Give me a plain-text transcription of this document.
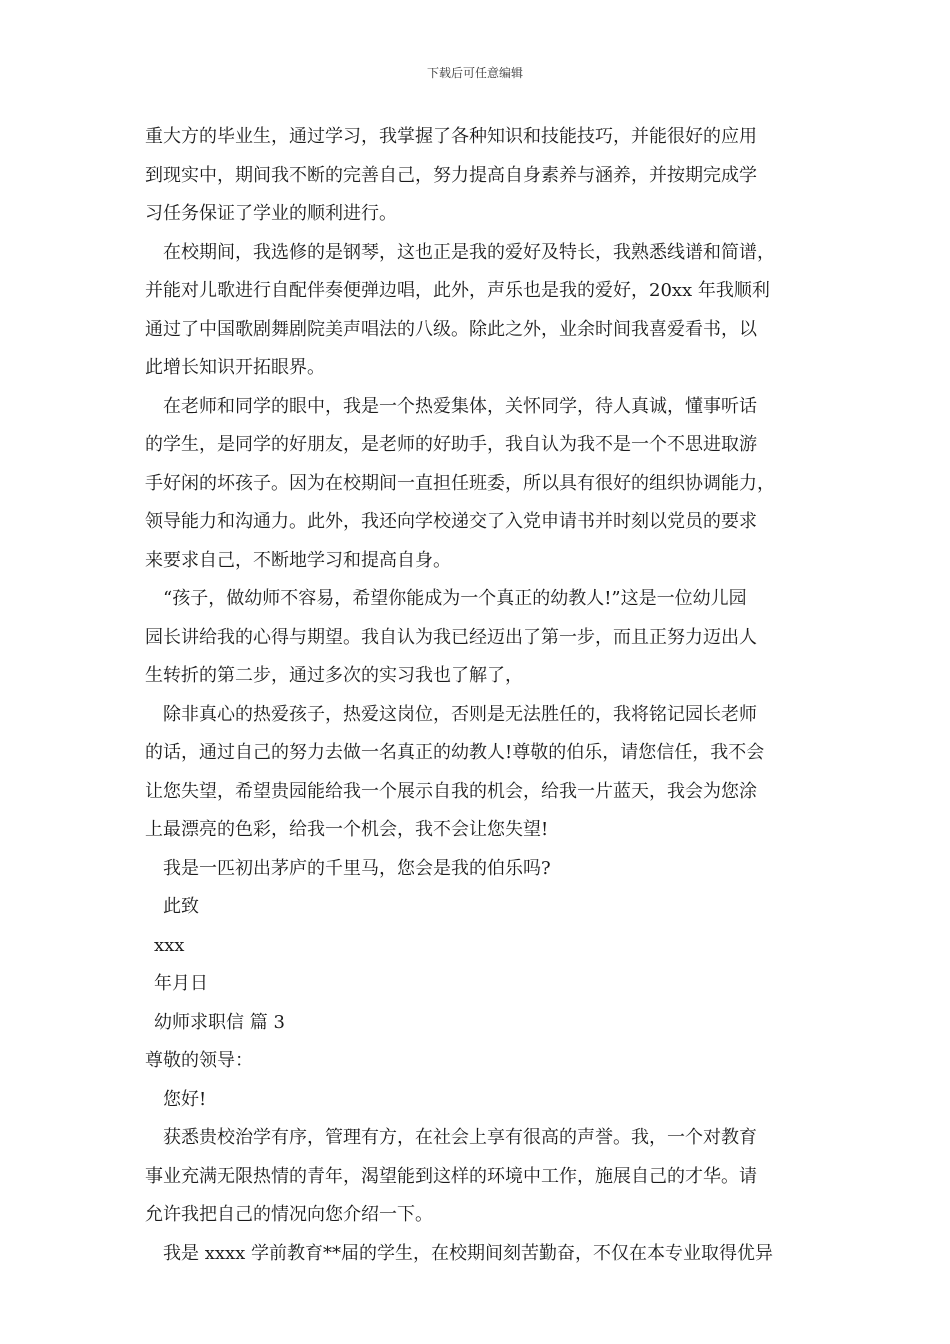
下载后可任意编辑
重大方的毕业生，通过学习，我掌握了各种知识和技能技巧，并能很好的应用
到现实中，期间我不断的完善自己，努力提高自身素养与涵养，并按期完成学
习任务保证了学业的顺利进行。
在校期间，我选修的是钢琴，这也正是我的爱好及特长，我熟悉线谱和简谱，
并能对儿歌进行自配伴奏便弹边唱，此外，声乐也是我的爱好，20xx 年我顺利
通过了中国歌剧舞剧院美声唱法的八级。除此之外，业余时间我喜爱看书，以
此增长知识开拓眼界。
在老师和同学的眼中，我是一个热爱集体，关怀同学，待人真诚，懂事听话
的学生，是同学的好朋友，是老师的好助手，我自认为我不是一个不思进取游
手好闲的坏孩子。因为在校期间一直担任班委，所以具有很好的组织协调能力，
领导能力和沟通力。此外，我还向学校递交了入党申请书并时刻以党员的要求
来要求自己，不断地学习和提高自身。
“孩子，做幼师不容易，希望你能成为一个真正的幼教人!”这是一位幼儿园
园长讲给我的心得与期望。我自认为我已经迈出了第一步，而且正努力迈出人
生转折的第二步，通过多次的实习我也了解了，
除非真心的热爱孩子，热爱这岗位，否则是无法胜任的，我将铭记园长老师
的话，通过自己的努力去做一名真正的幼教人!尊敬的伯乐，请您信任，我不会
让您失望，希望贵园能给我一个展示自我的机会，给我一片蓝天，我会为您涂
上最漂亮的色彩，给我一个机会，我不会让您失望!
我是一匹初出茅庐的千里马，您会是我的伯乐吗?
此致
xxx
年月日
幼师求职信 篇 3
尊敬的领导：
您好!
获悉贵校治学有序，管理有方，在社会上享有很高的声誉。我，一个对教育
事业充满无限热情的青年，渴望能到这样的环境中工作，施展自己的才华。请
允许我把自己的情况向您介绍一下。
我是 xxxx 学前教育**届的学生，在校期间刻苦勤奋，不仅在本专业取得优异
